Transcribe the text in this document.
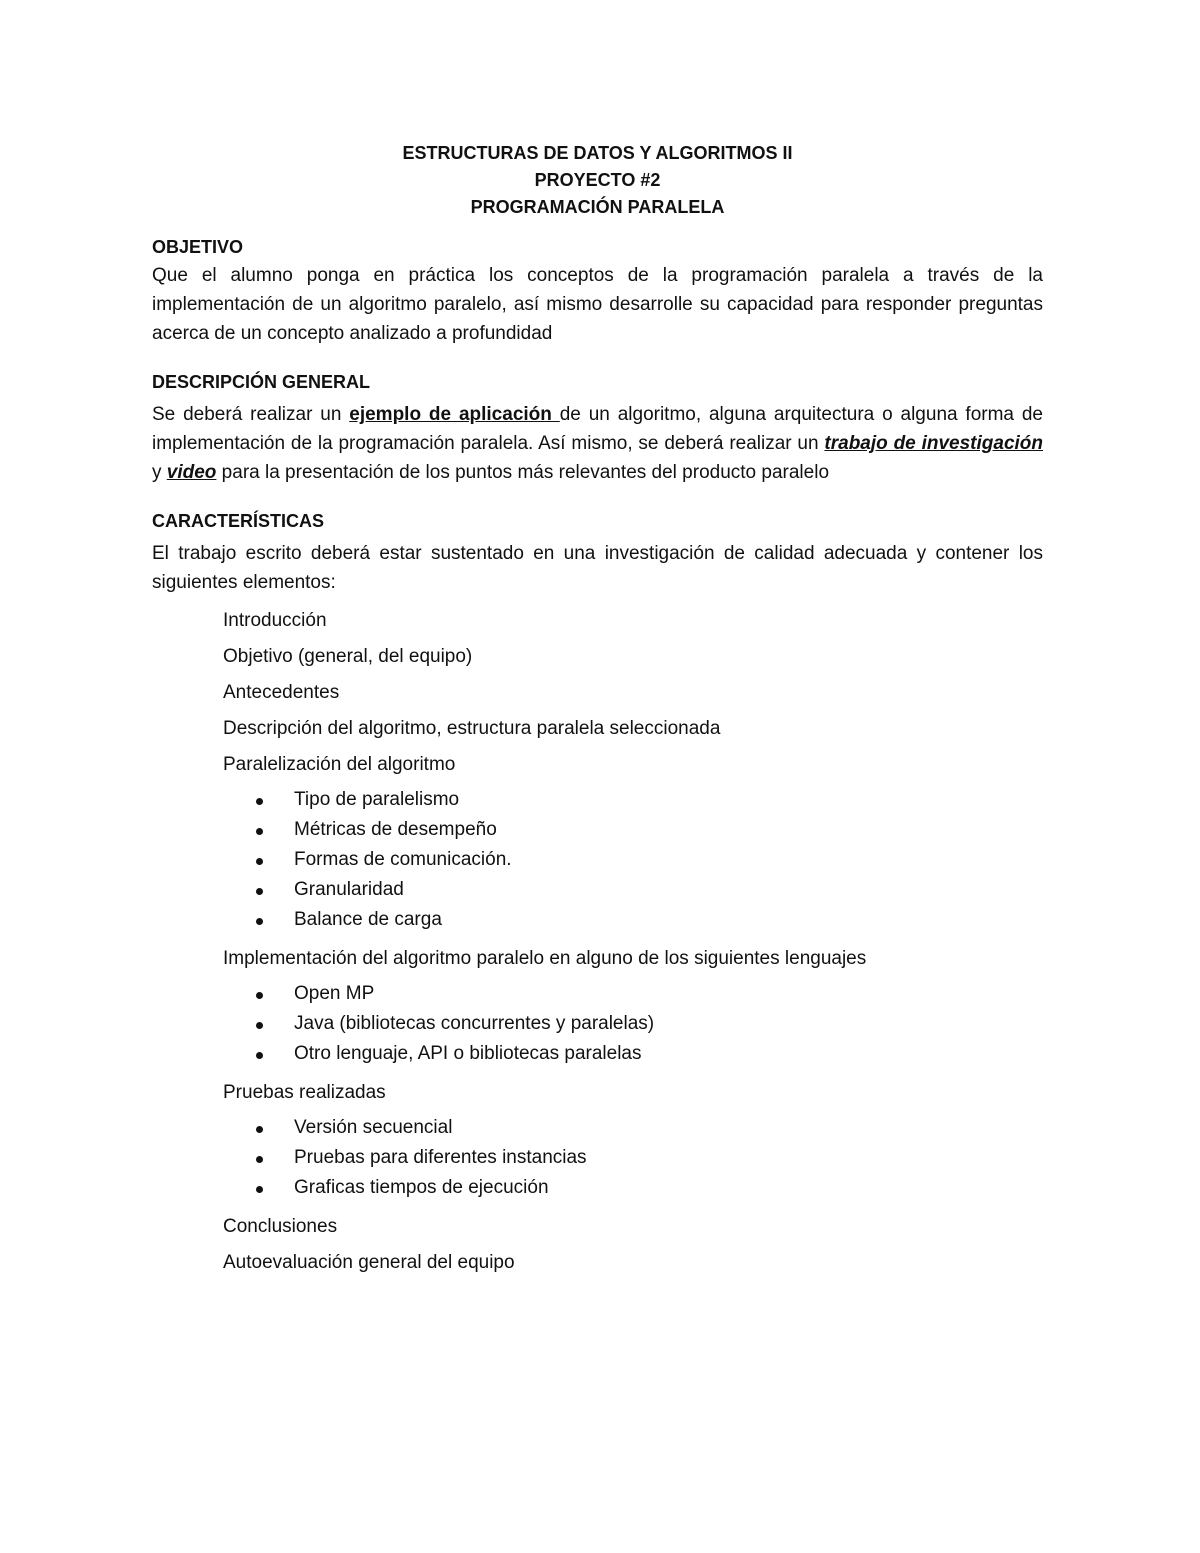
ESTRUCTURAS DE DATOS Y ALGORITMOS II
PROYECTO #2
PROGRAMACIÓN PARALELA
OBJETIVO

Que el alumno ponga en práctica los conceptos de la programación paralela a través de la implementación de un algoritmo paralelo, así mismo desarrolle su capacidad para responder preguntas acerca de un concepto analizado a profundidad

DESCRIPCIÓN GENERAL

Se deberá realizar un ejemplo de aplicación de un algoritmo, alguna arquitectura o alguna forma de implementación de la programación paralela. Así mismo, se deberá realizar un trabajo de investigación y video para la presentación de los puntos más relevantes del producto paralelo

CARACTERÍSTICAS

El trabajo escrito deberá estar sustentado en una investigación de calidad adecuada y contener los siguientes elementos:

Introducción
Objetivo (general, del equipo)
Antecedentes
Descripción del algoritmo, estructura paralela seleccionada
Paralelización del algoritmo
Tipo de paralelismo
Métricas de desempeño
Formas de comunicación.
Granularidad
Balance de carga
Implementación del algoritmo paralelo en alguno de los siguientes lenguajes
Open MP
Java (bibliotecas concurrentes y paralelas)
Otro lenguaje, API o bibliotecas paralelas
Pruebas realizadas
Versión secuencial
Pruebas para diferentes instancias
Graficas tiempos de ejecución
Conclusiones
Autoevaluación general del equipo
